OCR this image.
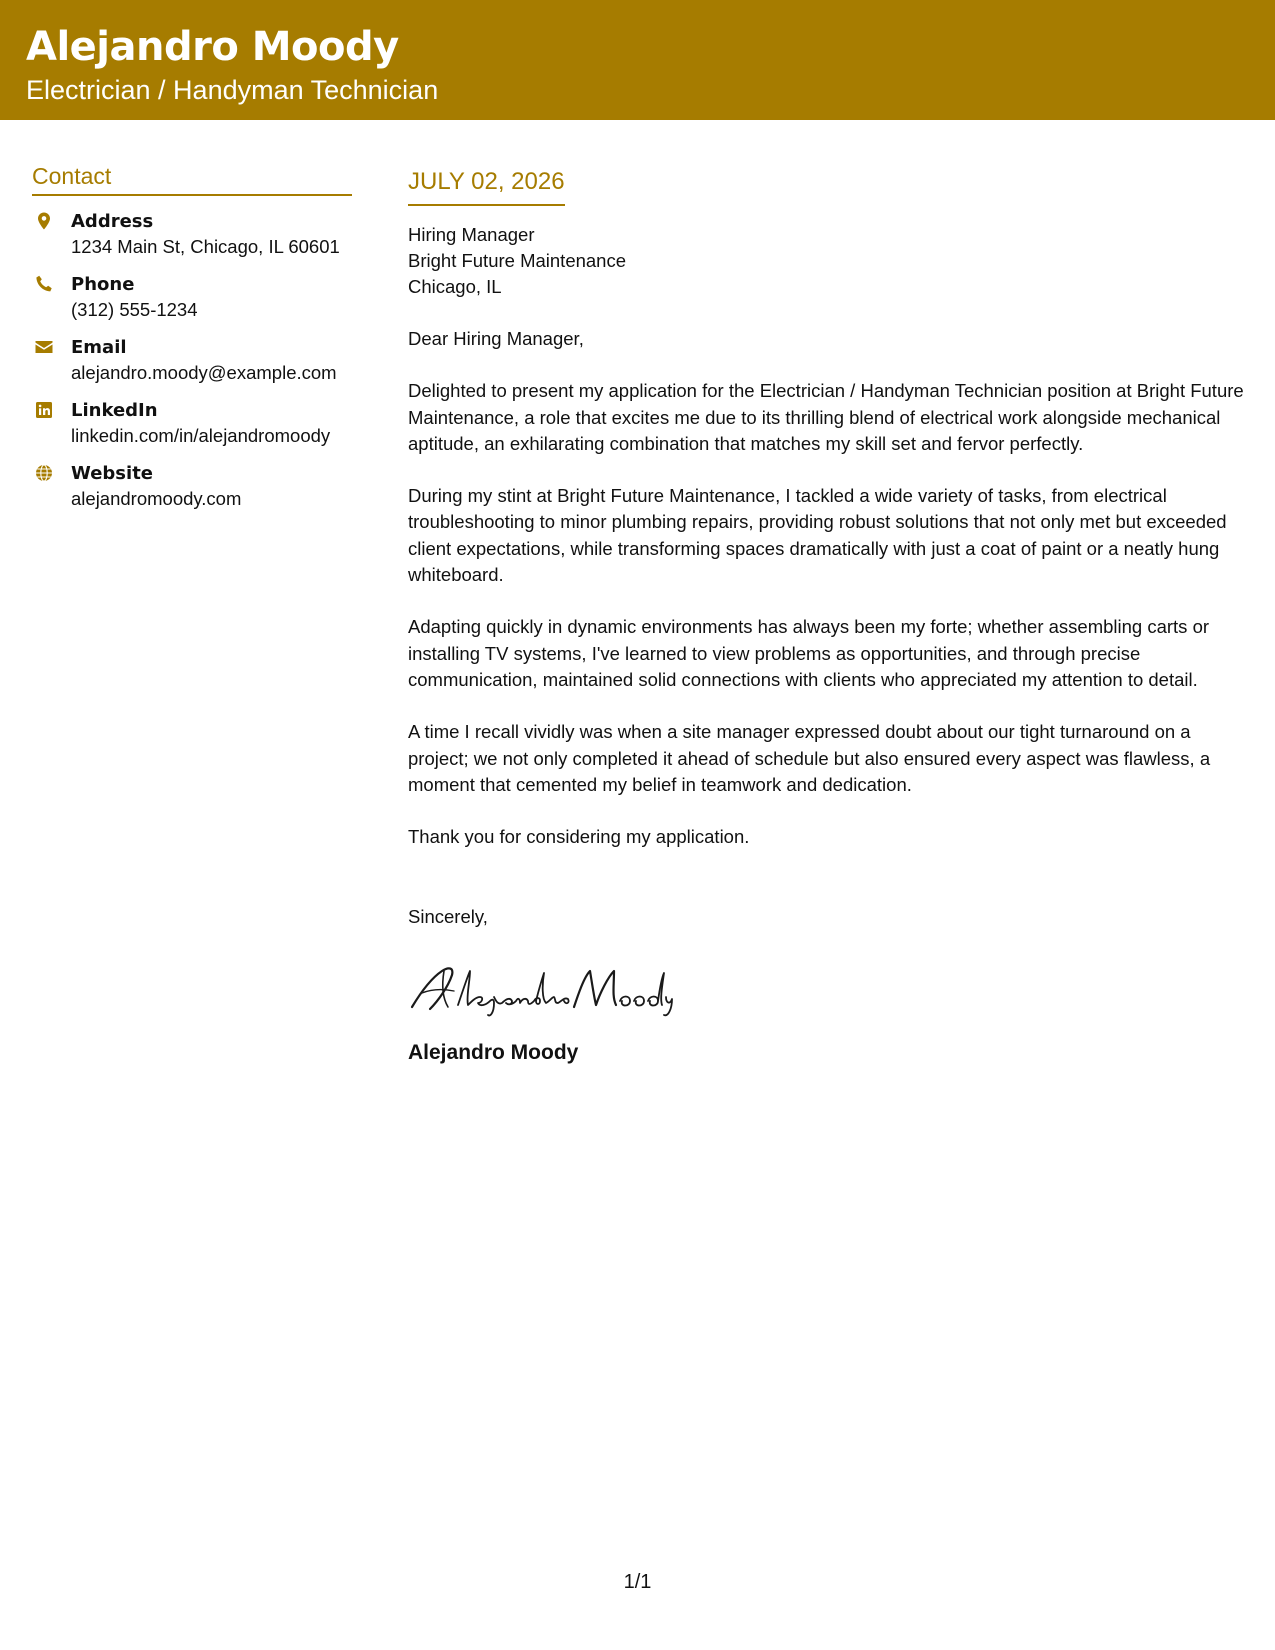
Alejandro Moody
Electrician / Handyman Technician
Contact
Address
1234 Main St, Chicago, IL 60601
Phone
(312) 555-1234
Email
alejandro.moody@example.com
LinkedIn
linkedin.com/in/alejandromoody
Website
alejandromoody.com
JULY 02, 2026
Hiring Manager
Bright Future Maintenance
Chicago, IL

Dear Hiring Manager,

Delighted to present my application for the Electrician / Handyman Technician position at Bright Future Maintenance, a role that excites me due to its thrilling blend of electrical work alongside mechanical aptitude, an exhilarating combination that matches my skill set and fervor perfectly.

During my stint at Bright Future Maintenance, I tackled a wide variety of tasks, from electrical troubleshooting to minor plumbing repairs, providing robust solutions that not only met but exceeded client expectations, while transforming spaces dramatically with just a coat of paint or a neatly hung whiteboard.

Adapting quickly in dynamic environments has always been my forte; whether assembling carts or installing TV systems, I've learned to view problems as opportunities, and through precise communication, maintained solid connections with clients who appreciated my attention to detail.

A time I recall vividly was when a site manager expressed doubt about our tight turnaround on a project; we not only completed it ahead of schedule but also ensured every aspect was flawless, a moment that cemented my belief in teamwork and dedication.

Thank you for considering my application.

Sincerely,

Alejandro Moody
1/1
